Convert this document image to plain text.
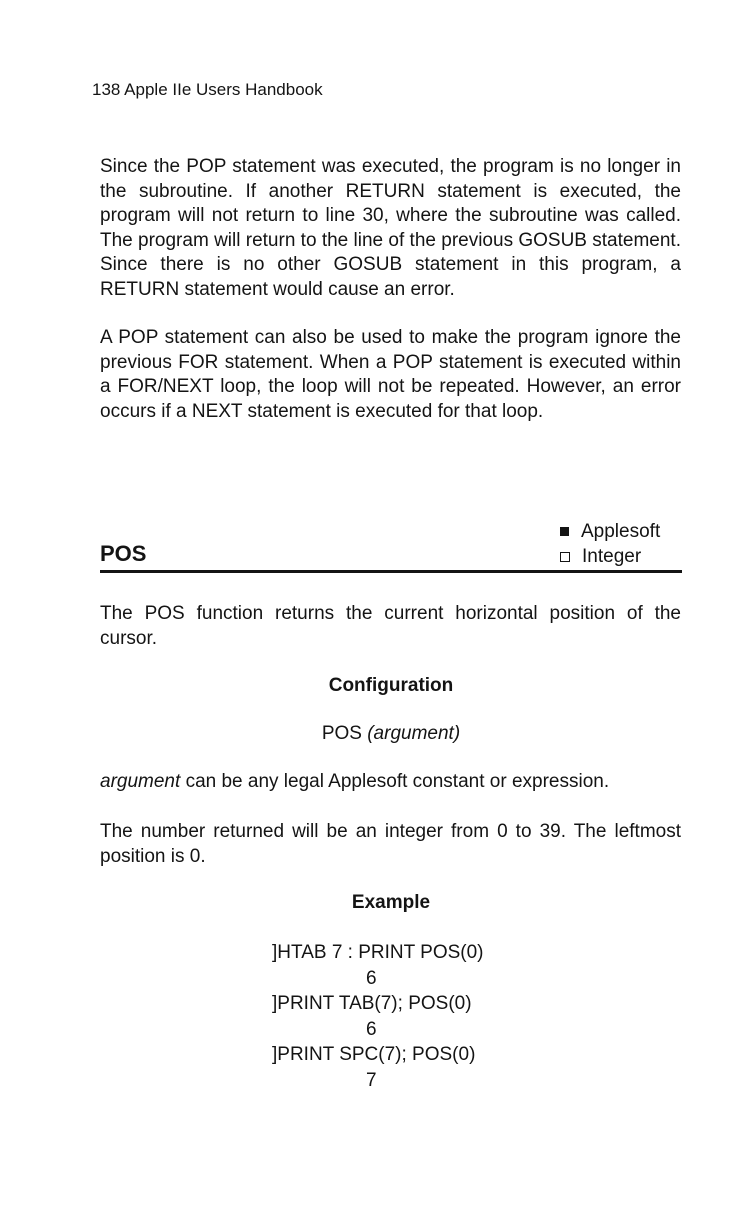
138 Apple IIe Users Handbook

Since the POP statement was executed, the program is no longer in the subroutine. If another RETURN statement is executed, the program will not return to line 30, where the subroutine was called. The program will return to the line of the previous GOSUB statement. Since there is no other GOSUB statement in this program, a RETURN statement would cause an error.

A POP statement can also be used to make the program ignore the previous FOR statement. When a POP statement is executed within a FOR/NEXT loop, the loop will not be repeated. However, an error occurs if a NEXT statement is executed for that loop.

Applesoft
Integer
POS

The POS function returns the current horizontal position of the cursor.

Configuration
POS (argument)
argument can be any legal Applesoft constant or expression.

The number returned will be an integer from 0 to 39. The leftmost position is 0.

Example
]HTAB 7 : PRINT POS(0)
6
]PRINT TAB(7); POS(0)
6
]PRINT SPC(7); POS(0)
7
